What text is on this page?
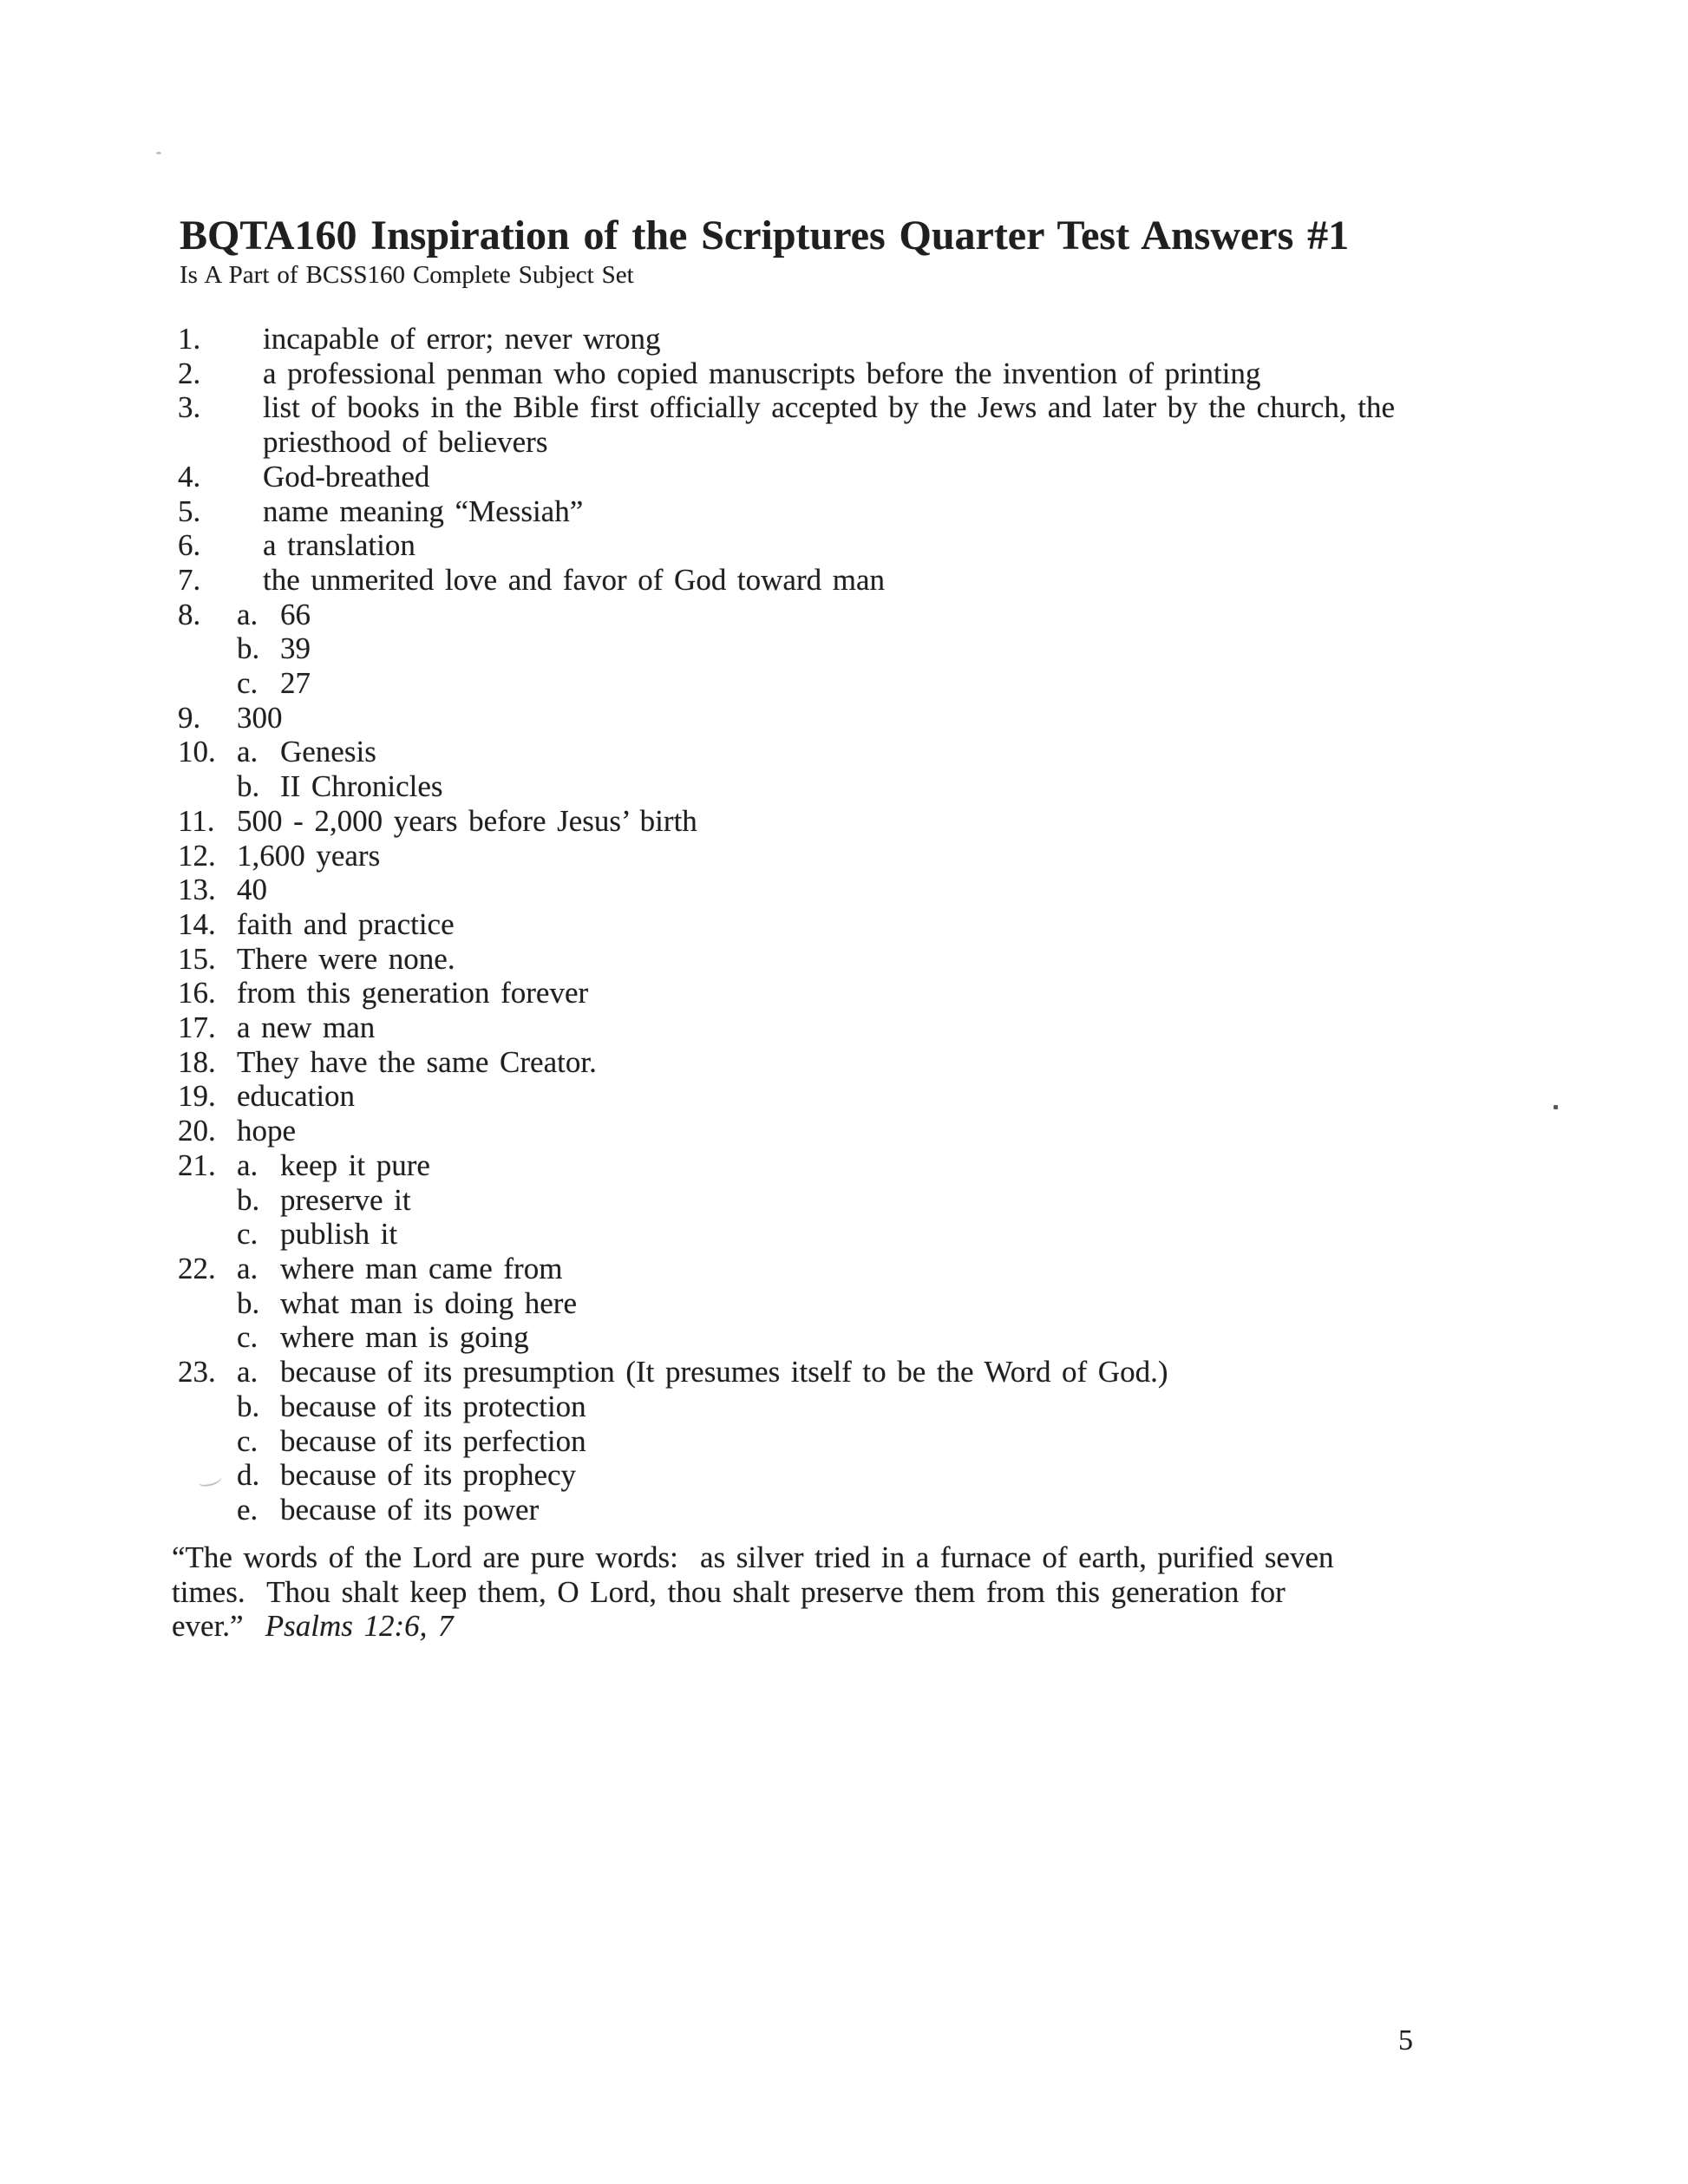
BQTA160 Inspiration of the Scriptures Quarter Test Answers #1
Is A Part of BCSS160 Complete Subject Set
1.	incapable of error; never wrong
2.	a professional penman who copied manuscripts before the invention of printing
3.	list of books in the Bible first officially accepted by the Jews and later by the church, the
priesthood of believers
4.	God-breathed
5.	name meaning “Messiah”
6.	a translation
7.	the unmerited love and favor of God toward man
8.	a. 66
b. 39
c. 27
9.	300
10. a. Genesis
b. II Chronicles
11. 500 - 2,000 years before Jesus’ birth
12. 1,600 years
13. 40
14. faith and practice
15. There were none.
16. from this generation forever
17. a new man
18. They have the same Creator.
19. education
20. hope
21. a. keep it pure
b. preserve it
c. publish it
22. a. where man came from
b. what man is doing here
c. where man is going
23. a. because of its presumption (It presumes itself to be the Word of God.)
b. because of its protection
c. because of its perfection
d. because of its prophecy
e. because of its power
“The words of the Lord are pure words:  as silver tried in a furnace of earth, purified seven
times.  Thou shalt keep them, O Lord, thou shalt preserve them from this generation for
ever.”  Psalms 12:6, 7
5
